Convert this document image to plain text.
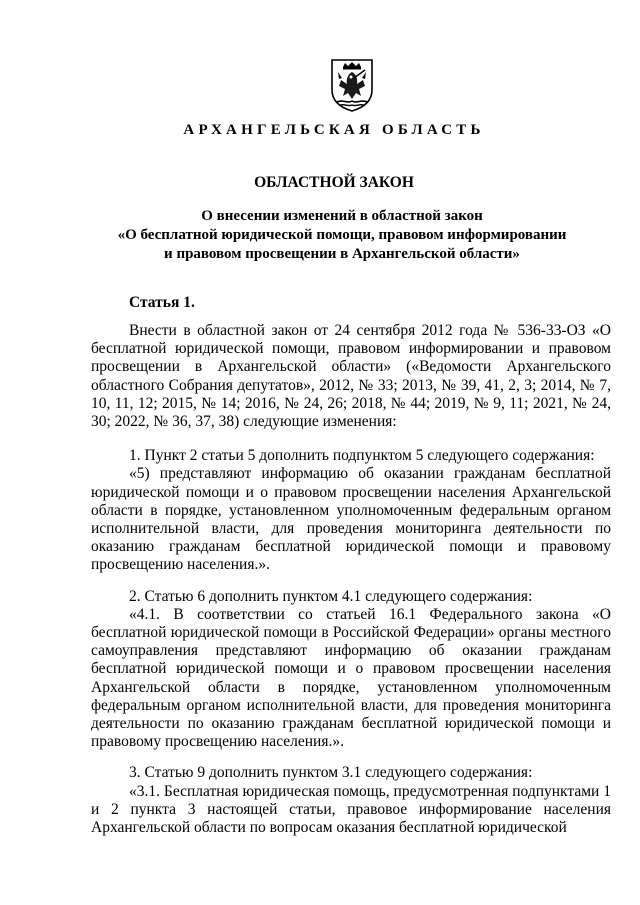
АРХАНГЕЛЬСКАЯ ОБЛАСТЬ
ОБЛАСТНОЙ ЗАКОН
О внесении изменений в областной закон
«О бесплатной юридической помощи, правовом информировании
и правовом просвещении в Архангельской области»
Статья 1.

Внести в областной закон от 24 сентября 2012 года № 536-33-ОЗ «О бесплатной юридической помощи, правовом информировании и правовом просвещении в Архангельской области» («Ведомости Архангельского областного Собрания депутатов», 2012, № 33; 2013, № 39, 41, 2, 3; 2014, № 7, 10, 11, 12; 2015, № 14; 2016, № 24, 26; 2018, № 44; 2019, № 9, 11; 2021, № 24, 30; 2022, № 36, 37, 38) следующие изменения:

1. Пункт 2 статьи 5 дополнить подпунктом 5 следующего содержания:

«5) представляют информацию об оказании гражданам бесплатной юридической помощи и о правовом просвещении населения Архангельской области в порядке, установленном уполномоченным федеральным органом исполнительной власти, для проведения мониторинга деятельности по оказанию гражданам бесплатной юридической помощи и правовому просвещению населения.».

2. Статью 6 дополнить пунктом 4.1 следующего содержания:

«4.1. В соответствии со статьей 16.1 Федерального закона «О бесплатной юридической помощи в Российской Федерации» органы местного самоуправления представляют информацию об оказании гражданам бесплатной юридической помощи и о правовом просвещении населения Архангельской области в порядке, установленном уполномоченным федеральным органом исполнительной власти, для проведения мониторинга деятельности по оказанию гражданам бесплатной юридической помощи и правовому просвещению населения.».

3. Статью 9 дополнить пунктом 3.1 следующего содержания:

«3.1. Бесплатная юридическая помощь, предусмотренная подпунктами 1 и 2 пункта 3 настоящей статьи, правовое информирование населения Архангельской области по вопросам оказания бесплатной юридической
